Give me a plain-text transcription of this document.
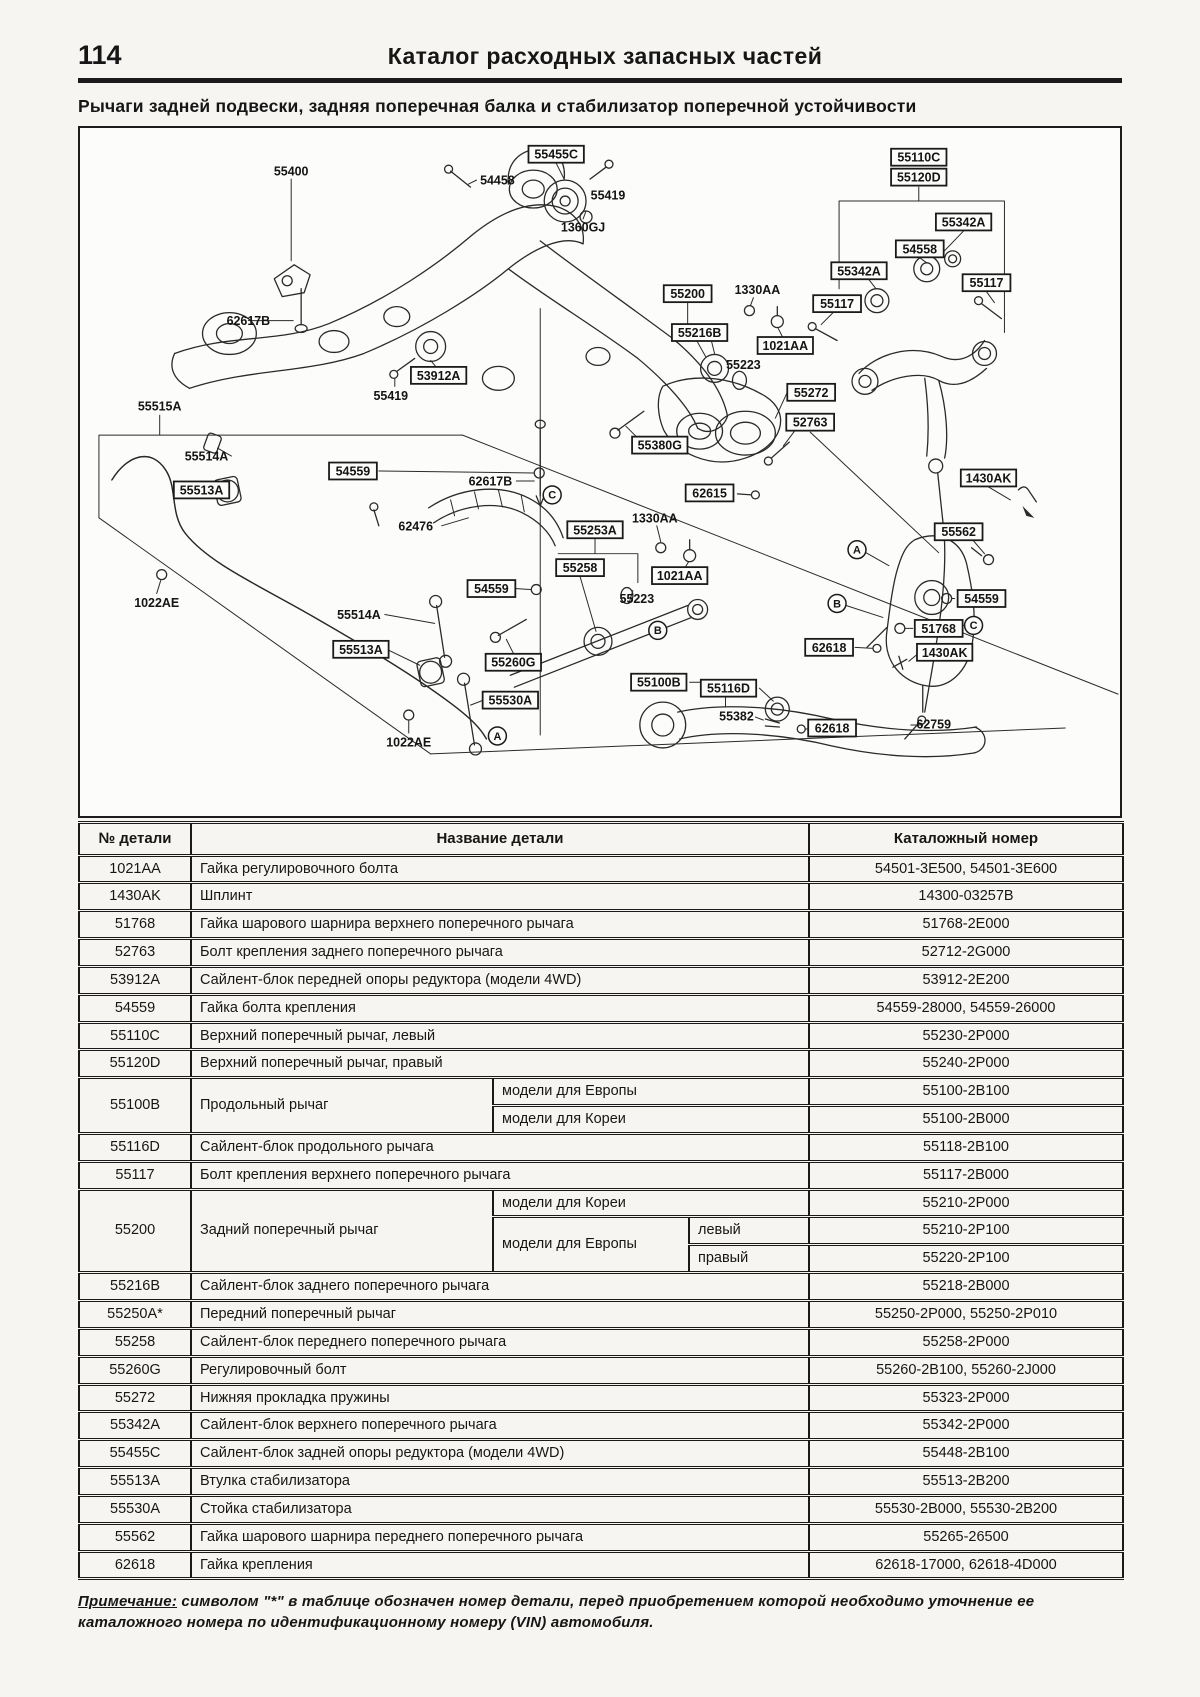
114	Каталог расходных запасных частей
Рычаги задней подвески, задняя поперечная балка и стабилизатор поперечной устойчивости
55455C
55400
54458
55419
1360GJ
55110C
55120D
55342A
54558
55117
55342A
55117
55200 1330AA
55216B
1021AA
55223
62617B
53912A
55419	55272
52763
55515A
55514A
55513A
54559
62617B
55380G
62615
1430AK
55562
62476	55253A
1330AA
55258
1021AA
55223
54559
54559
51768
1430AK
1022AE
55514A
55513A	62618
55260G
55100B 55116D
55530A
55382
62618	62759
1022AE
C
B
A
B
C
A
№ детали	Название детали			Каталожный номер
1021AA	Гайка регулировочного болта			54501-3E500, 54501-3E600
1430AK	Шплинт			14300-03257B
51768	Гайка шарового шарнира верхнего поперечного рычага			51768-2E000
52763	Болт крепления заднего поперечного рычага			52712-2G000
53912A	Сайлент-блок передней опоры редуктора (модели 4WD)			53912-2E200
54559	Гайка болта крепления			54559-28000, 54559-26000
55110C	Верхний поперечный рычаг, левый			55230-2P000
55120D	Верхний поперечный рычаг, правый			55240-2P000
55100B	Продольный рычаг	модели для Европы		55100-2B100
		модели для Кореи		55100-2B000
55116D	Сайлент-блок продольного рычага			55118-2B100
55117	Болт крепления верхнего поперечного рычага			55117-2B000
55200	Задний поперечный рычаг	модели для Кореи		55210-2P000
		модели для Европы	левый	55210-2P100
			правый	55220-2P100
55216B	Сайлент-блок заднего поперечного рычага			55218-2B000
55250A*	Передний поперечный рычаг			55250-2P000, 55250-2P010
55258	Сайлент-блок переднего поперечного рычага			55258-2P000
55260G	Регулировочный болт			55260-2B100, 55260-2J000
55272	Нижняя прокладка пружины			55323-2P000
55342A	Сайлент-блок верхнего поперечного рычага			55342-2P000
55455C	Сайлент-блок задней опоры редуктора (модели 4WD)			55448-2B100
55513A	Втулка стабилизатора			55513-2B200
55530A	Стойка стабилизатора			55530-2B000, 55530-2B200
55562	Гайка шарового шарнира переднего поперечного рычага			55265-26500
62618	Гайка крепления			62618-17000, 62618-4D000

Примечание: символом "*" в таблице обозначен номер детали, перед приобретением которой необходимо уточнение ее каталожного номера по идентификационному номеру (VIN) автомобиля.
